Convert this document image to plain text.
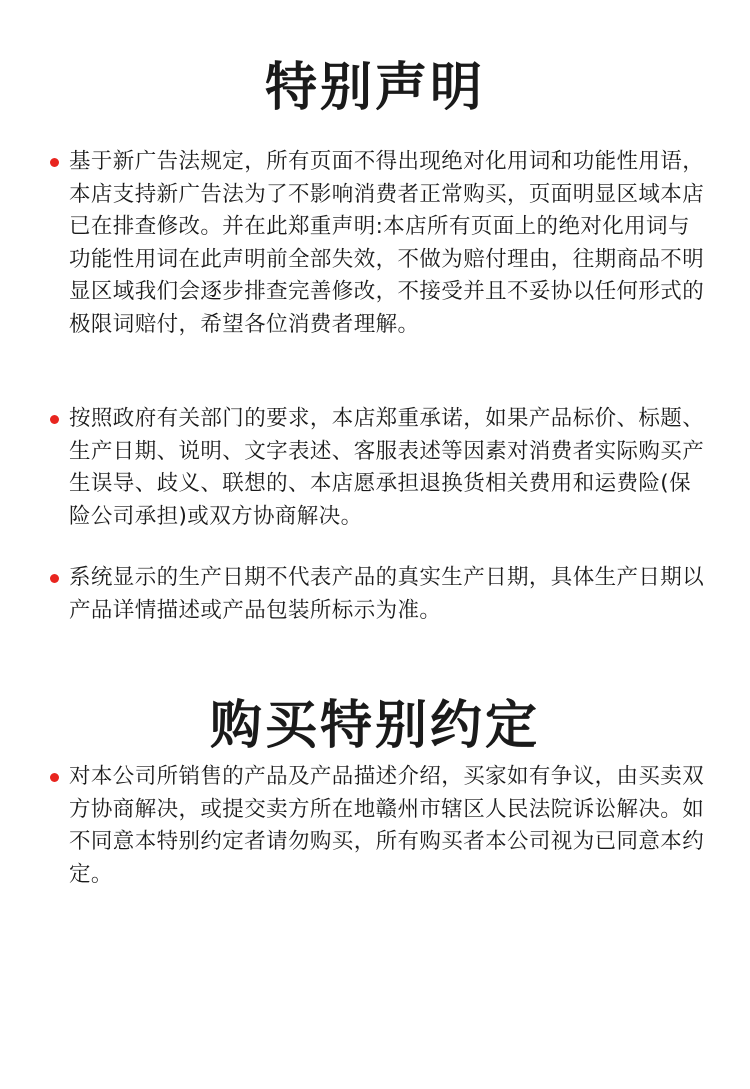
特别声明

基于新广告法规定，所有页面不得出现绝对化用词和功能性用语，本店支持新广告法为了不影响消费者正常购买，页面明显区域本店已在排查修改。并在此郑重声明:本店所有页面上的绝对化用词与功能性用词在此声明前全部失效，不做为赔付理由，往期商品不明显区域我们会逐步排查完善修改，不接受并且不妥协以任何形式的极限词赔付，希望各位消费者理解。

按照政府有关部门的要求，本店郑重承诺，如果产品标价、标题、生产日期、说明、文字表述、客服表述等因素对消费者实际购买产生误导、歧义、联想的、本店愿承担退换货相关费用和运费险(保险公司承担)或双方协商解决。

系统显示的生产日期不代表产品的真实生产日期，具体生产日期以产品详情描述或产品包装所标示为准。

购买特别约定

对本公司所销售的产品及产品描述介绍，买家如有争议，由买卖双方协商解决，或提交卖方所在地赣州市辖区人民法院诉讼解决。如不同意本特别约定者请勿购买，所有购买者本公司视为已同意本约定。
